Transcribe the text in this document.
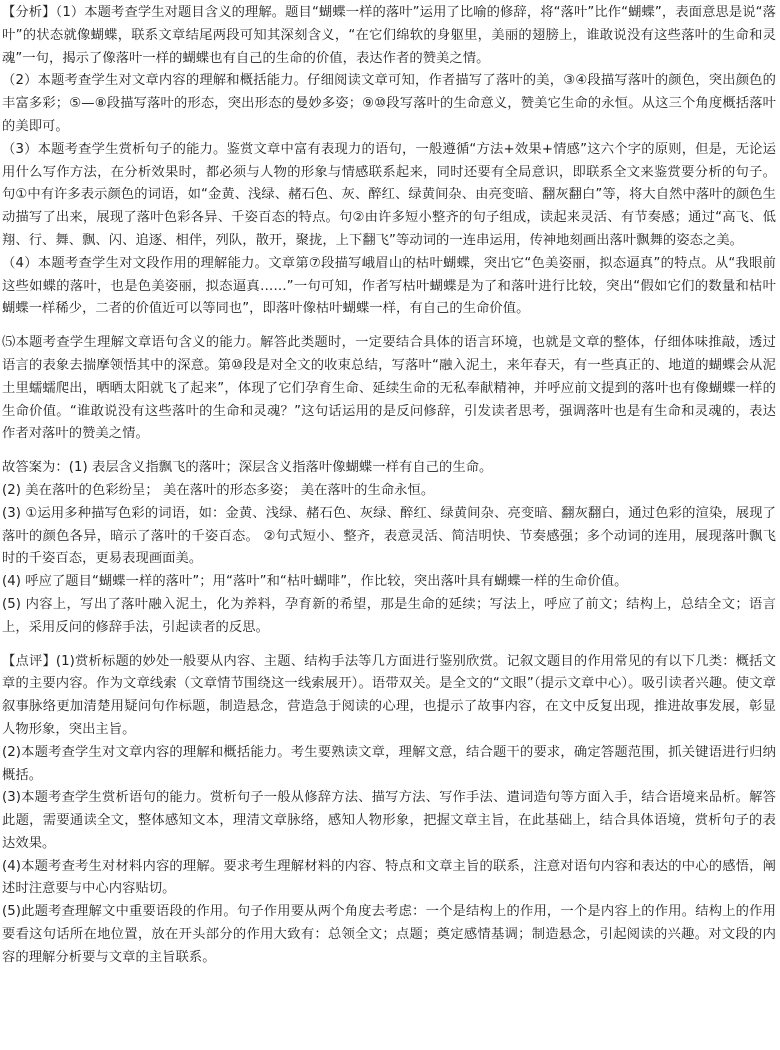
【分析】（1）本题考查学生对题目含义的理解。题目“蝴蝶一样的落叶”运用了比喻的修辞，将“落叶”比作“蝴蝶”，表面意思是说“落叶”的状态就像蝴蝶，联系文章结尾两段可知其深刻含义，“在它们绵软的身躯里，美丽的翅膀上，谁敢说没有这些落叶的生命和灵魂”一句，揭示了像落叶一样的蝴蝶也有自己的生命的价值，表达作者的赞美之情。

（2）本题考查学生对文章内容的理解和概括能力。仔细阅读文章可知，作者描写了落叶的美，③④段描写落叶的颜色，突出颜色的丰富多彩；⑤—⑧段描写落叶的形态，突出形态的曼妙多姿；⑨⑩段写落叶的生命意义，赞美它生命的永恒。从这三个角度概括落叶的美即可。

（3）本题考查学生赏析句子的能力。鉴赏文章中富有表现力的语句，一般遵循“方法+效果+情感”这六个字的原则，但是，无论运用什么写作方法，在分析效果时，都必须与人物的形象与情感联系起来，同时还要有全局意识，即联系全文来鉴赏要分析的句子。句①中有许多表示颜色的词语，如“金黄、浅绿、赭石色、灰、醉红、绿黄间杂、由亮变暗、翻灰翻白”等，将大自然中落叶的颜色生动描写了出来，展现了落叶色彩各异、千姿百态的特点。句②由许多短小整齐的句子组成，读起来灵活、有节奏感；通过“高飞、低翔、行、舞、飘、闪、追逐、相伴，列队，散开，聚拢，上下翻飞”等动词的一连串运用，传神地刻画出落叶飘舞的姿态之美。

（4）本题考查学生对文段作用的理解能力。文章第⑦段描写峨眉山的枯叶蝴蝶，突出它“色美姿丽，拟态逼真”的特点。从“我眼前这些如蝶的落叶，也是色美姿丽，拟态逼真……”一句可知，作者写枯叶蝴蝶是为了和落叶进行比较，突出“假如它们的数量和枯叶蝴蝶一样稀少，二者的价值近可以等同也”，即落叶像枯叶蝴蝶一样，有自己的生命价值。

⑸本题考查学生理解文章语句含义的能力。解答此类题时，一定要结合具体的语言环境，也就是文章的整体，仔细体味推敲，透过语言的表象去揣摩领悟其中的深意。第⑩段是对全文的收束总结，写落叶“融入泥土，来年春天，有一些真正的、地道的蝴蝶会从泥土里蠕蠕爬出，晒晒太阳就飞了起来”，体现了它们孕育生命、延续生命的无私奉献精神，并呼应前文提到的落叶也有像蝴蝶一样的生命价值。“谁敢说没有这些落叶的生命和灵魂？”这句话运用的是反问修辞，引发读者思考，强调落叶也是有生命和灵魂的，表达作者对落叶的赞美之情。

故答案为：(1) 表层含义指飘飞的落叶；深层含义指落叶像蝴蝶一样有自己的生命。

(2) 美在落叶的色彩纷呈； 美在落叶的形态多姿； 美在落叶的生命永恒。

(3) ①运用多种描写色彩的词语，如：金黄、浅绿、赭石色、灰绿、醉红、绿黄间杂、亮变暗、翻灰翻白，通过色彩的渲染，展现了落叶的颜色各异，暗示了落叶的千姿百态。 ②句式短小、整齐，表意灵活、简洁明快、节奏感强；多个动词的连用，展现落叶飘飞时的千姿百态，更易表现画面美。

(4) 呼应了题目“蝴蝶一样的落叶”；用“落叶”和“枯叶蝴啡”，作比较，突出落叶具有蝴蝶一样的生命价值。

(5) 内容上，写出了落叶融入泥土，化为养料，孕育新的希望，那是生命的延续；写法上，呼应了前文；结构上，总结全文；语言上，采用反问的修辞手法，引起读者的反思。

【点评】(1)赏析标题的妙处一般要从内容、主题、结构手法等几方面进行鉴别欣赏。记叙文题目的作用常见的有以下几类：概括文章的主要内容。作为文章线索（文章情节围绕这一线索展开）。语带双关。是全文的“文眼”（提示文章中心）。吸引读者兴趣。使文章叙事脉络更加清楚用疑问句作标题，制造悬念，营造急于阅读的心理，也提示了故事内容，在文中反复出现，推进故事发展，彰显人物形象，突出主旨。

(2)本题考查学生对文章内容的理解和概括能力。考生要熟读文章，理解文意，结合题干的要求，确定答题范围，抓关键语进行归纳概括。

(3)本题考查学生赏析语句的能力。赏析句子一般从修辞方法、描写方法、写作手法、遣词造句等方面入手，结合语境来品析。解答此题，需要通读全文，整体感知文本，理清文章脉络，感知人物形象，把握文章主旨，在此基础上，结合具体语境，赏析句子的表达效果。

(4)本题考查考生对材料内容的理解。要求考生理解材料的内容、特点和文章主旨的联系，注意对语句内容和表达的中心的感悟，阐述时注意要与中心内容贴切。

(5)此题考查理解文中重要语段的作用。句子作用要从两个角度去考虑：一个是结构上的作用，一个是内容上的作用。结构上的作用要看这句话所在地位置，放在开头部分的作用大致有：总领全文；点题；奠定感情基调；制造悬念，引起阅读的兴趣。对文段的内容的理解分析要与文章的主旨联系。
